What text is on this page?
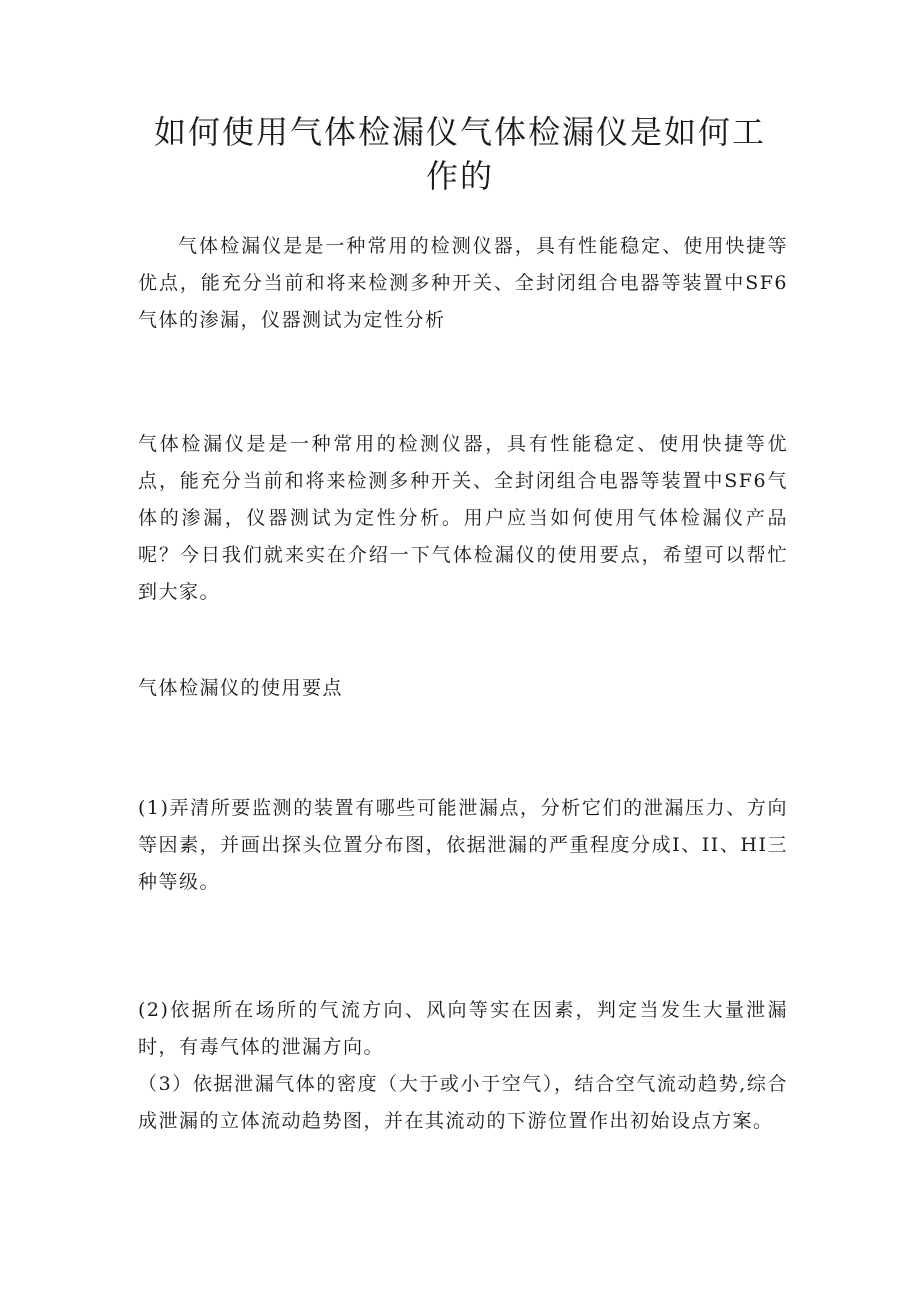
如何使用气体检漏仪气体检漏仪是如何工作的

气体检漏仪是是一种常用的检测仪器，具有性能稳定、使用快捷等优点，能充分当前和将来检测多种开关、全封闭组合电器等装置中SF6气体的渗漏，仪器测试为定性分析

气体检漏仪是是一种常用的检测仪器，具有性能稳定、使用快捷等优点，能充分当前和将来检测多种开关、全封闭组合电器等装置中SF6气体的渗漏，仪器测试为定性分析。用户应当如何使用气体检漏仪产品呢？今日我们就来实在介绍一下气体检漏仪的使用要点，希望可以帮忙到大家。

气体检漏仪的使用要点

(1)弄清所要监测的装置有哪些可能泄漏点，分析它们的泄漏压力、方向等因素，并画出探头位置分布图，依据泄漏的严重程度分成I、II、HI三种等级。

(2)依据所在场所的气流方向、风向等实在因素，判定当发生大量泄漏时，有毒气体的泄漏方向。

（3）依据泄漏气体的密度（大于或小于空气），结合空气流动趋势,综合成泄漏的立体流动趋势图，并在其流动的下游位置作出初始设点方案。
